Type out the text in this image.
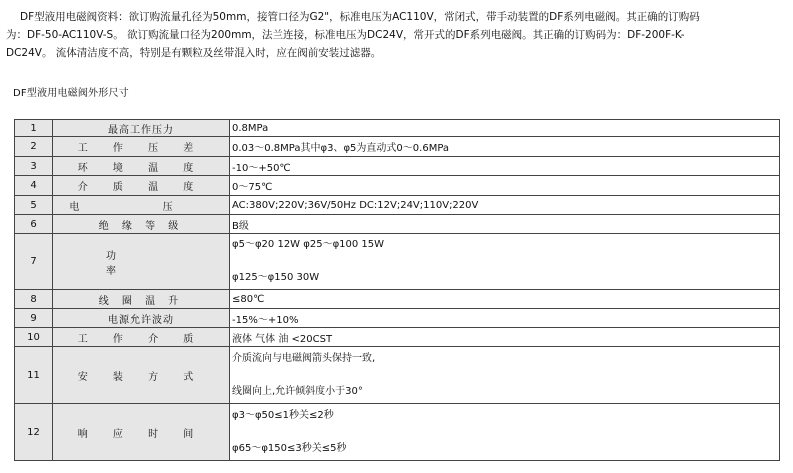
DF型液用电磁阀资料：欲订购流量孔径为50mm，接管口径为G2"，标准电压为AC110V，常闭式，带手动装置的DF系列电磁阀。其正确的订购码

为：DF-50-AC110V-S。 欲订购流量口径为200mm，法兰连接，标准电压为DC24V，常开式的DF系列电磁阀。其正确的订购码为：DF-200F-K-

DC24V。 流体清洁度不高，特别是有颗粒及丝带混入时，应在阀前安装过滤器。

DF型液用电磁阀外形尺寸
1	最高工作压力	0.8MPa
2	工 作 压 差	0.03～0.8MPa其中φ3、φ5为直动式0～0.6MPa
3	环 境 温 度	-10～+50℃
4	介 质 温 度	0～75℃
5	电 压	AC:380V;220V;36V/50Hz DC:12V;24V;110V;220V
6	绝 缘 等 级	B级
7	功 率	φ5～φ20 12W φ25～φ100 15W
φ125～φ150 30W

8	线 圈 温 升	≤80℃
9	电源允许波动	-15%～+10%
10	工 作 介 质	液体 气体 油 <20CST
11	安 装 方 式	介质流向与电磁阀箭头保持一致,
线圈向上,允许倾斜度小于30°

12	响 应 时 间	φ3～φ50≤1秒关≤2秒
φ65～φ150≤3秒关≤5秒
